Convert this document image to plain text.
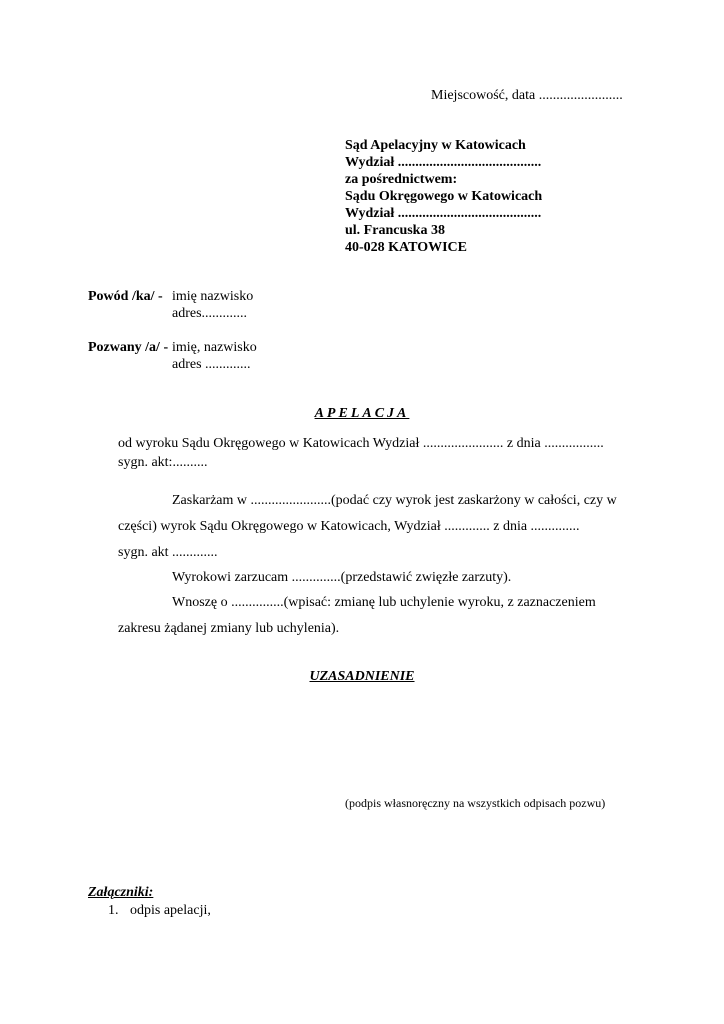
Miejscowość, data ........................
Sąd Apelacyjny w Katowicach
Wydział .........................................
za pośrednictwem:
Sądu Okręgowego w Katowicach
Wydział .........................................
ul. Francuska 38
40-028 KATOWICE
Powód /ka/ - imię nazwisko
adres.............
Pozwany /a/ - imię, nazwisko
adres .............
APELACJA
od wyroku Sądu Okręgowego w Katowicach Wydział ....................... z dnia .................
sygn. akt:..........
Zaskarżam w .......................(podać czy wyrok jest zaskarżony w całości, czy w
części) wyrok Sądu Okręgowego w Katowicach, Wydział ............. z dnia ..............
sygn. akt .............
Wyrokowi zarzucam ..............(przedstawić zwięzłe zarzuty).
Wnoszę o ...............(wpisać: zmianę lub uchylenie wyroku, z zaznaczeniem
zakresu żądanej zmiany lub uchylenia).
UZASADNIENIE
(podpis własnoręczny na wszystkich odpisach pozwu)
Załączniki:
1. odpis apelacji,
